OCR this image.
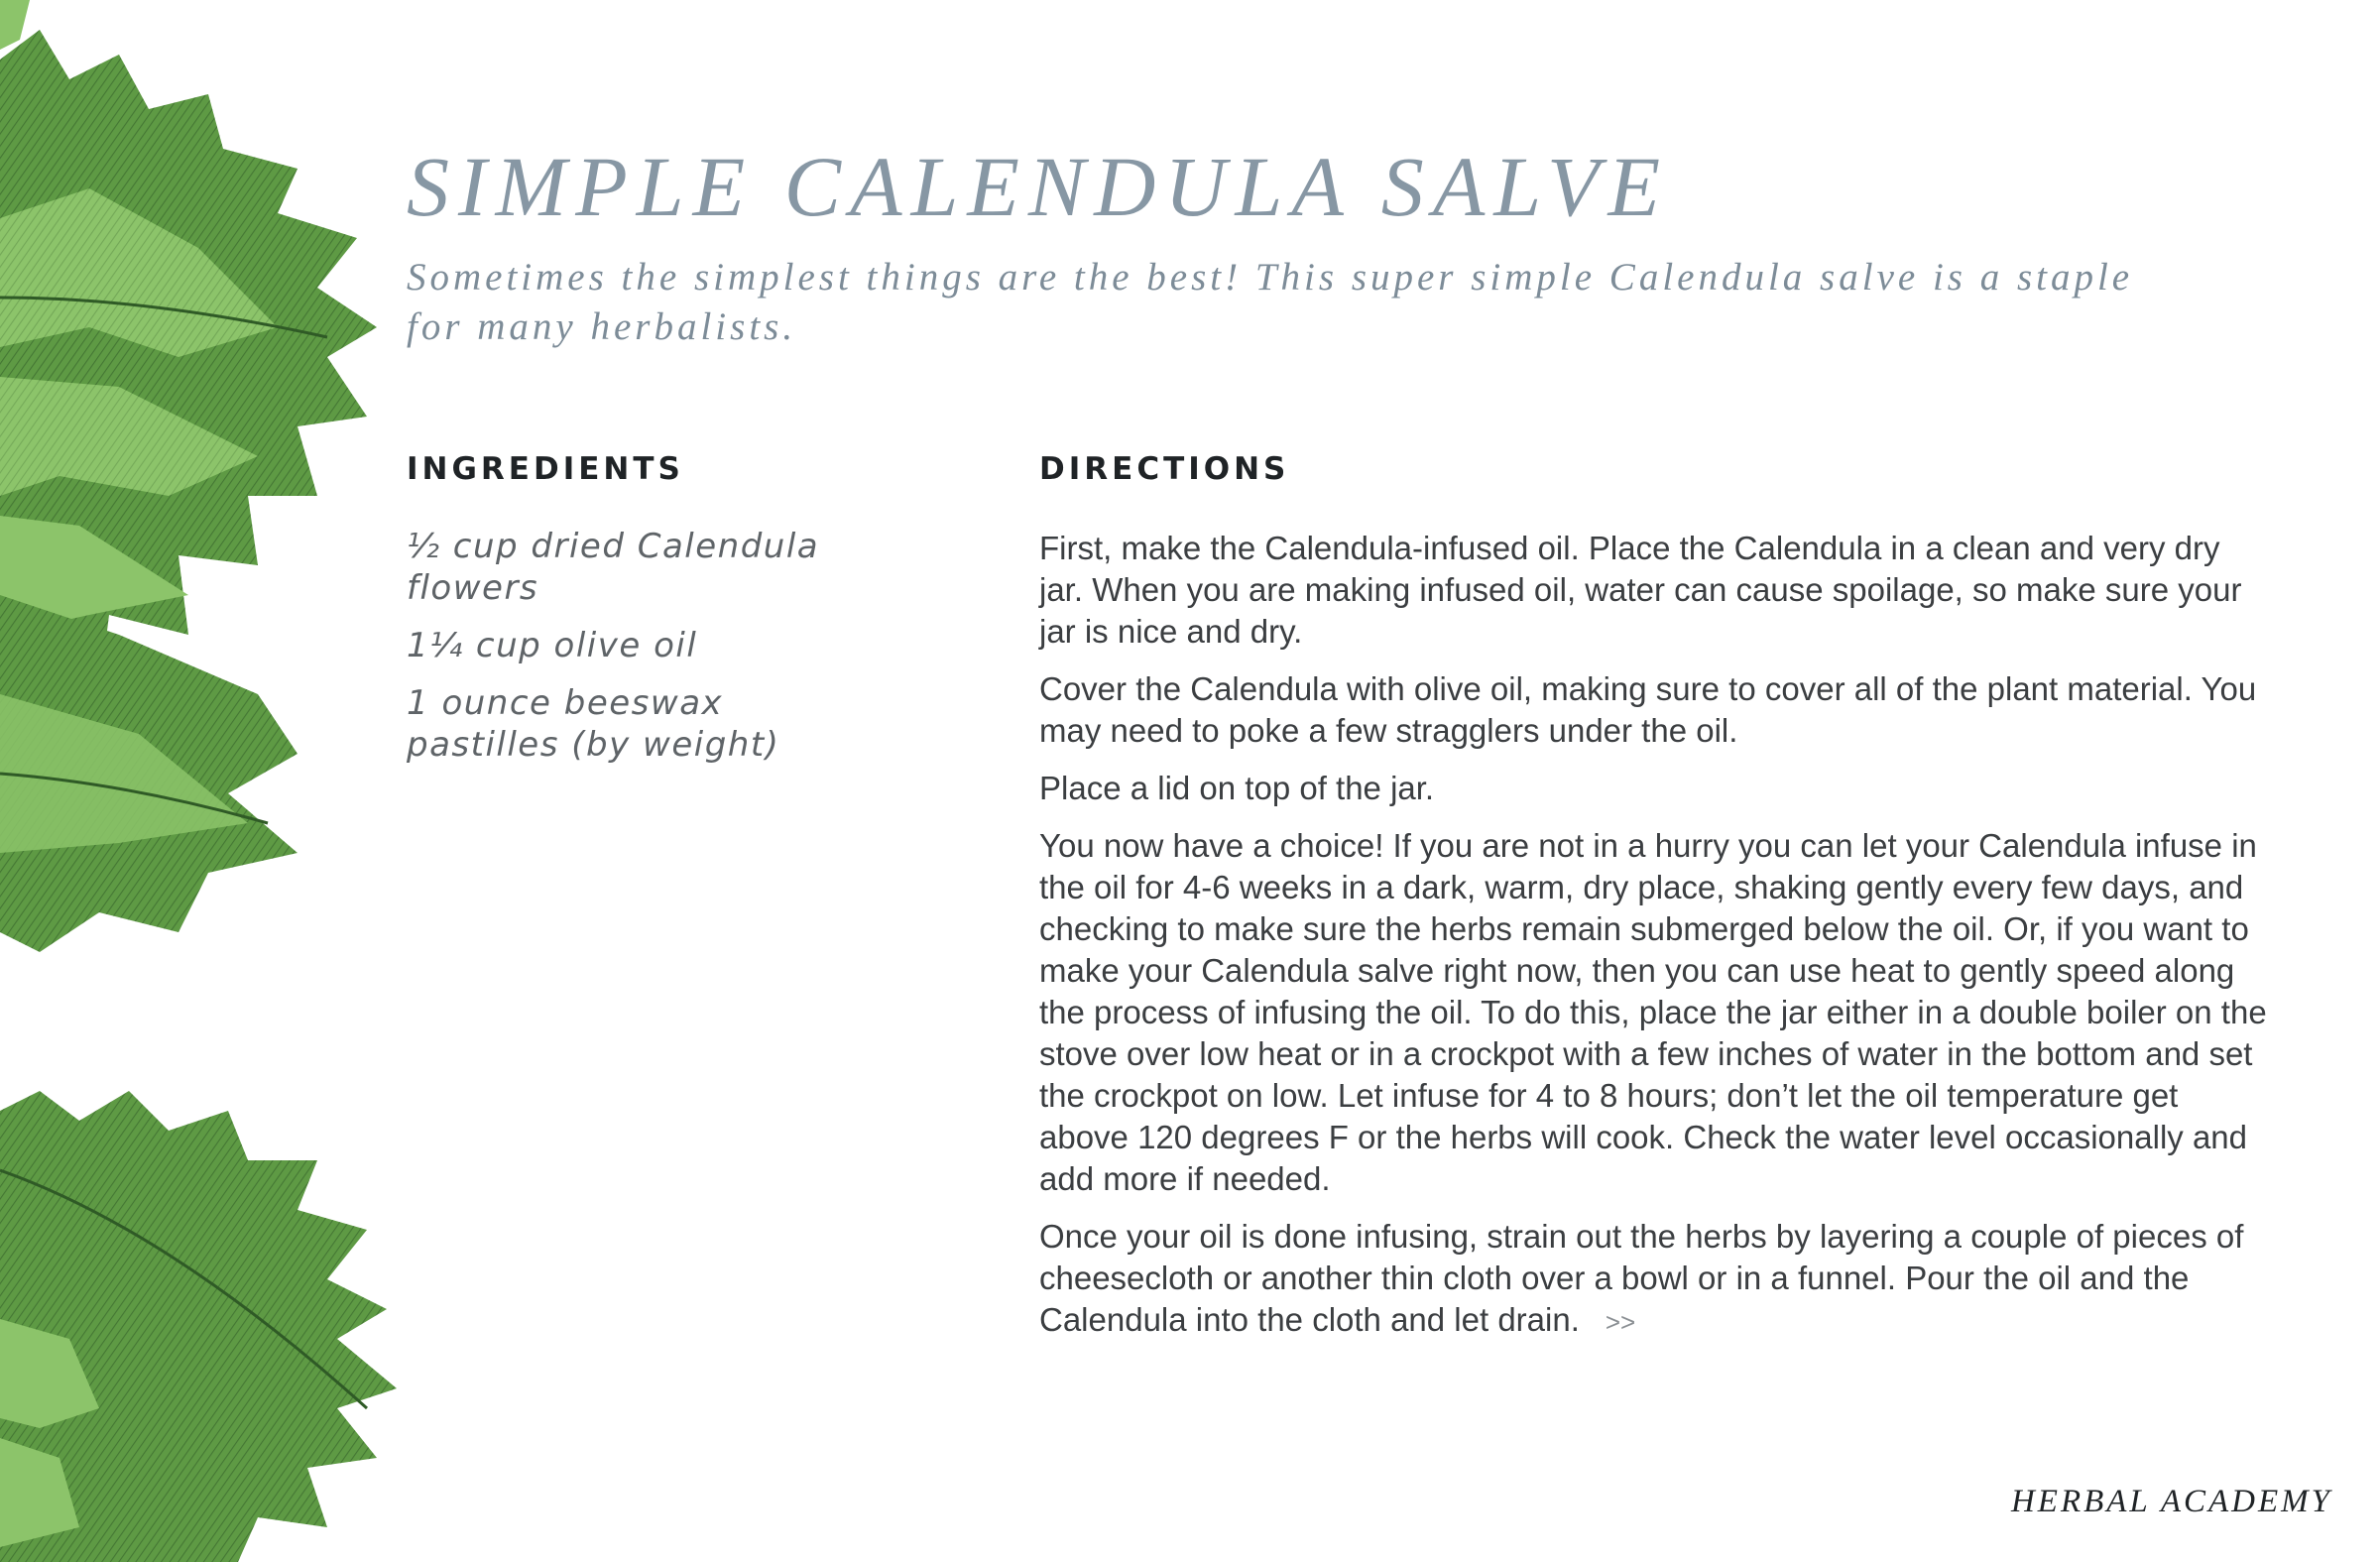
SIMPLE CALENDULA SALVE
Sometimes the simplest things are the best! This super simple Calendula salve is a staple for many herbalists.
INGREDIENTS
½ cup dried Calendula flowers
1¼ cup olive oil
1 ounce beeswax pastilles (by weight)
DIRECTIONS

First, make the Calendula-infused oil. Place the Calendula in a clean and very dry jar. When you are making infused oil, water can cause spoilage, so make sure your jar is nice and dry.

Cover the Calendula with olive oil, making sure to cover all of the plant material. You may need to poke a few stragglers under the oil.

Place a lid on top of the jar.

You now have a choice! If you are not in a hurry you can let your Calendula infuse in the oil for 4-6 weeks in a dark, warm, dry place, shaking gently every few days, and checking to make sure the herbs remain submerged below the oil. Or, if you want to make your Calendula salve right now, then you can use heat to gently speed along the process of infusing the oil. To do this, place the jar either in a double boiler on the stove over low heat or in a crockpot with a few inches of water in the bottom and set the crockpot on low. Let infuse for 4 to 8 hours; don’t let the oil temperature get above 120 degrees F or the herbs will cook. Check the water level occasionally and add more if needed.

Once your oil is done infusing, strain out the herbs by layering a couple of pieces of cheesecloth or another thin cloth over a bowl or in a funnel. Pour the oil and the Calendula into the cloth and let drain. >>

HERBAL ACADEMY
